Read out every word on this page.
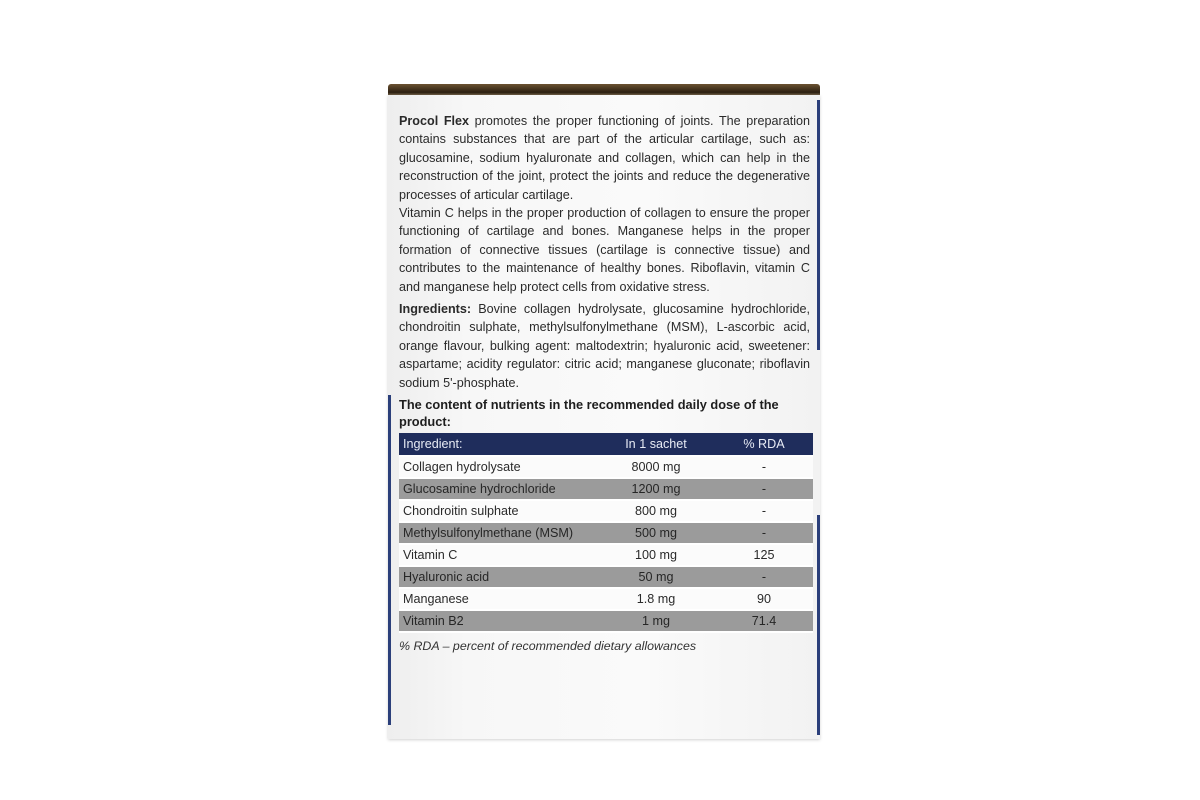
Procol Flex promotes the proper functioning of joints. The preparation contains substances that are part of the articular cartilage, such as: glucosamine, sodium hyaluronate and collagen, which can help in the reconstruction of the joint, protect the joints and reduce the degenerative processes of articular cartilage.

Vitamin C helps in the proper production of collagen to ensure the proper functioning of cartilage and bones. Manganese helps in the proper formation of connective tissues (cartilage is connective tissue) and contributes to the maintenance of healthy bones. Riboflavin, vitamin C and manganese help protect cells from oxidative stress.

Ingredients: Bovine collagen hydrolysate, glucosamine hydrochloride, chondroitin sulphate, methylsulfonylmethane (MSM), L-ascorbic acid, orange flavour, bulking agent: maltodextrin; hyaluronic acid, sweetener: aspartame; acidity regulator: citric acid; manganese gluconate; riboflavin sodium 5'-phosphate.

The content of nutrients in the recommended daily dose of the product:
Ingredient:	In 1 sachet	% RDA
Collagen hydrolysate	8000 mg	-
Glucosamine hydrochloride	1200 mg	-
Chondroitin sulphate	800 mg	-
Methylsulfonylmethane (MSM)	500 mg	-
Vitamin C	100 mg	125
Hyaluronic acid	50 mg	-
Manganese	1.8 mg	90
Vitamin B2	1 mg	71.4
% RDA – percent of recommended dietary allowances
